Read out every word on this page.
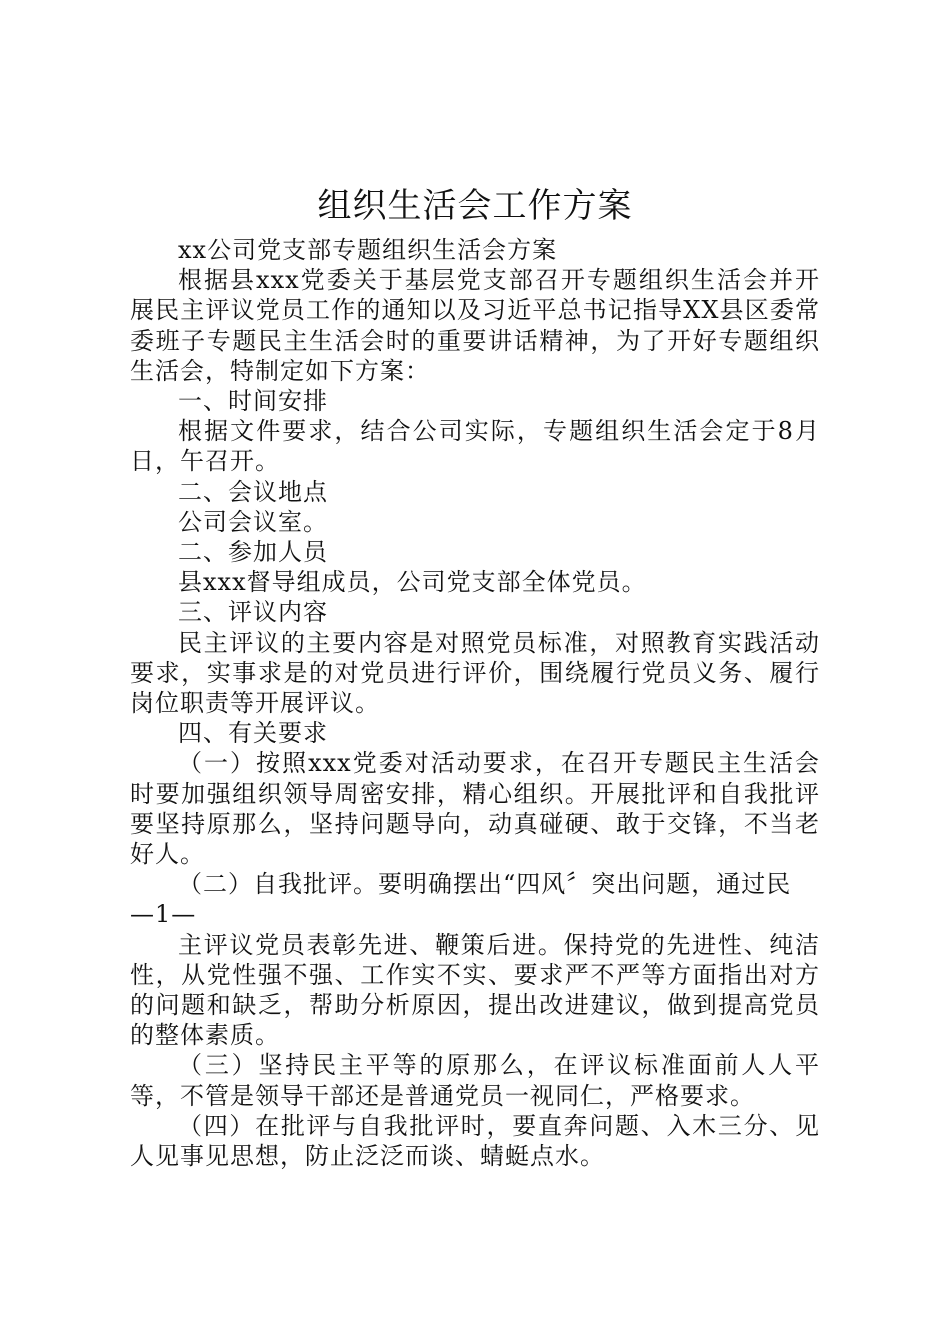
组织生活会工作方案

xx公司党支部专题组织生活会方案

根据县xxx党委关于基层党支部召开专题组织生活会并开展民主评议党员工作的通知以及习近平总书记指导XX县区委常委班子专题民主生活会时的重要讲话精神，为了开好专题组织生活会，特制定如下方案：

一、时间安排

根据文件要求，结合公司实际，专题组织生活会定于8月日，午召开。

二、会议地点

公司会议室。

二、参加人员

县xxx督导组成员，公司党支部全体党员。

三、评议内容

民主评议的主要内容是对照党员标准，对照教育实践活动要求，实事求是的对党员进行评价，围绕履行党员义务、履行岗位职责等开展评议。

四、有关要求

（一）按照xxx党委对活动要求，在召开专题民主生活会时要加强组织领导周密安排，精心组织。开展批评和自我批评要坚持原那么，坚持问题导向，动真碰硬、敢于交锋，不当老好人。

（二）自我批评。要明确摆出“四风〞突出问题，通过民

—1—

主评议党员表彰先进、鞭策后进。保持党的先进性、纯洁性，从党性强不强、工作实不实、要求严不严等方面指出对方的问题和缺乏，帮助分析原因，提出改进建议，做到提高党员的整体素质。

（三）坚持民主平等的原那么，在评议标准面前人人平等，不管是领导干部还是普通党员一视同仁，严格要求。

（四）在批评与自我批评时，要直奔问题、入木三分、见人见事见思想，防止泛泛而谈、蜻蜓点水。
